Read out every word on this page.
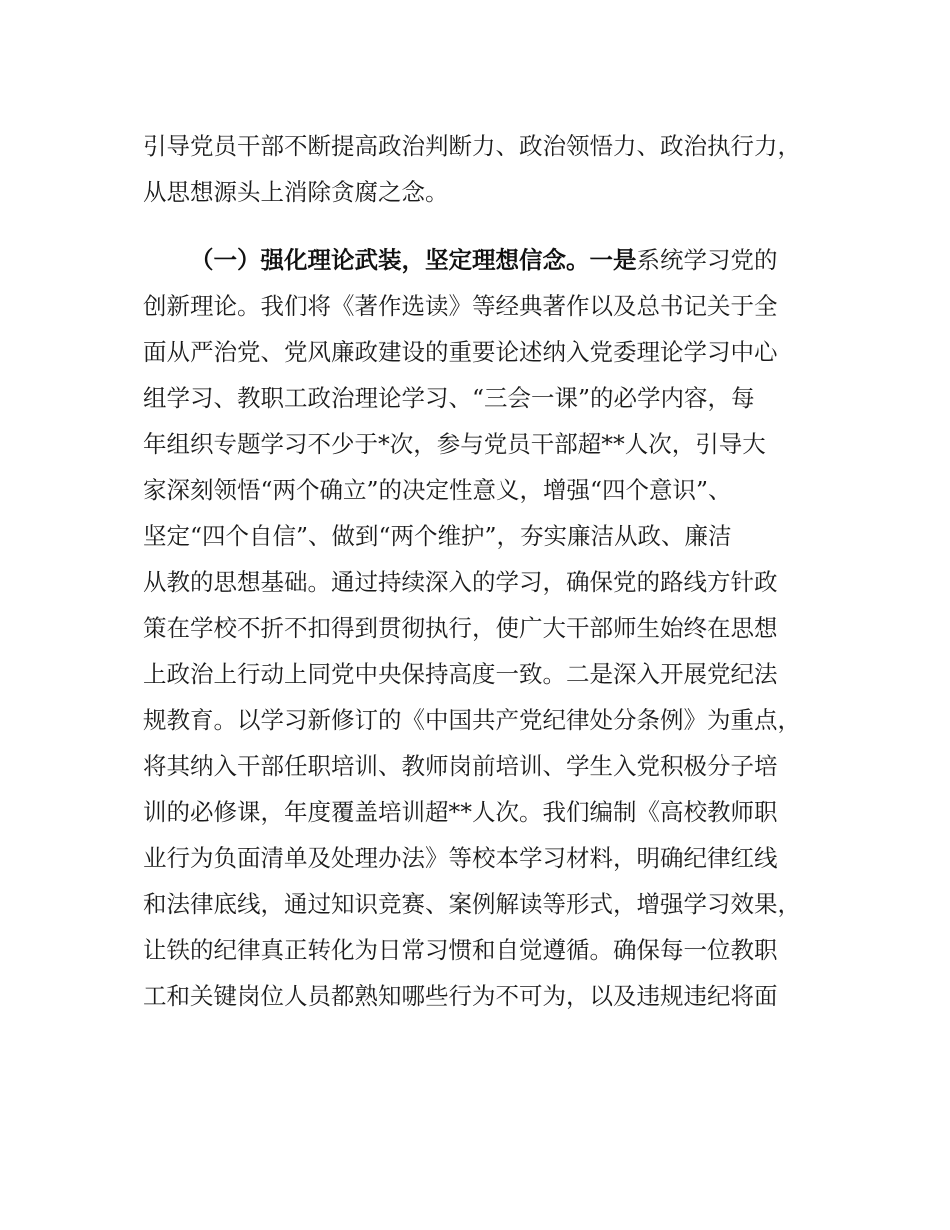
引导党员干部不断提高政治判断力、政治领悟力、政治执行力，
从思想源头上消除贪腐之念。
（一）强化理论武装，坚定理想信念。一是系统学习党的
创新理论。我们将《著作选读》等经典著作以及总书记关于全
面从严治党、党风廉政建设的重要论述纳入党委理论学习中心
组学习、教职工政治理论学习、“三会一课”的必学内容，每
年组织专题学习不少于*次，参与党员干部超**人次，引导大
家深刻领悟“两个确立”的决定性意义，增强“四个意识”、
坚定“四个自信”、做到“两个维护”，夯实廉洁从政、廉洁
从教的思想基础。通过持续深入的学习，确保党的路线方针政
策在学校不折不扣得到贯彻执行，使广大干部师生始终在思想
上政治上行动上同党中央保持高度一致。二是深入开展党纪法
规教育。以学习新修订的《中国共产党纪律处分条例》为重点，
将其纳入干部任职培训、教师岗前培训、学生入党积极分子培
训的必修课，年度覆盖培训超**人次。我们编制《高校教师职
业行为负面清单及处理办法》等校本学习材料，明确纪律红线
和法律底线，通过知识竞赛、案例解读等形式，增强学习效果，
让铁的纪律真正转化为日常习惯和自觉遵循。确保每一位教职
工和关键岗位人员都熟知哪些行为不可为，以及违规违纪将面
